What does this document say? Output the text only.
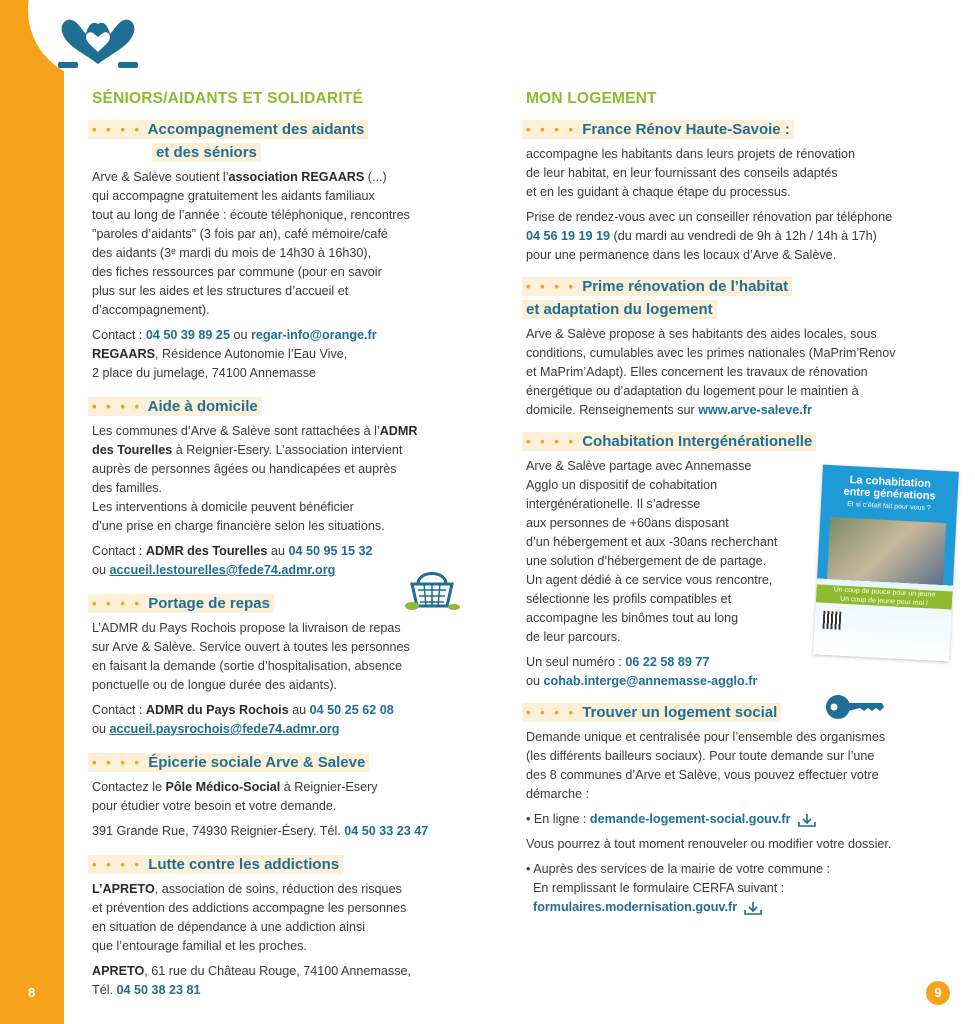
8	9
SÉNIORS/AIDANTS ET SOLIDARITÉ
• • • • Accompagnement des aidants
et des séniors
Arve & Salève soutient l’association REGAARS (...)
qui accompagne gratuitement les aidants familiaux
tout au long de l’année : écoute téléphonique, rencontres
"paroles d’aidants" (3 fois par an), café mémoire/café
des aidants (3ᵉ mardi du mois de 14h30 à 16h30),
des fiches ressources par commune (pour en savoir
plus sur les aides et les structures d’accueil et
d’accompagnement).
Contact : 04 50 39 89 25 ou regar-info@orange.fr
REGAARS, Résidence Autonomie l’Eau Vive,
2 place du jumelage, 74100 Annemasse
• • • • Aide à domicile
Les communes d’Arve & Salève sont rattachées à l’ADMR
des Tourelles à Reignier-Esery. L’association intervient
auprès de personnes âgées ou handicapées et auprès
des familles.
Les interventions à domicile peuvent bénéficier
d’une prise en charge financière selon les situations.
Contact : ADMR des Tourelles au 04 50 95 15 32
ou accueil.lestourelles@fede74.admr.org
• • • • Portage de repas
L’ADMR du Pays Rochois propose la livraison de repas
sur Arve & Salève. Service ouvert à toutes les personnes
en faisant la demande (sortie d’hospitalisation, absence
ponctuelle ou de longue durée des aidants).
Contact : ADMR du Pays Rochois au 04 50 25 62 08
ou accueil.paysrochois@fede74.admr.org
• • • • Épicerie sociale Arve & Saleve
Contactez le Pôle Médico-Social à Reignier-Esery
pour étudier votre besoin et votre demande.
391 Grande Rue, 74930 Reignier-Ésery. Tél. 04 50 33 23 47
• • • • Lutte contre les addictions
L’APRETO, association de soins, réduction des risques
et prévention des addictions accompagne les personnes
en situation de dépendance à une addiction ainsi
que l’entourage familial et les proches.
APRETO, 61 rue du Château Rouge, 74100 Annemasse,
Tél. 04 50 38 23 81
MON LOGEMENT
• • • • France Rénov Haute-Savoie :
accompagne les habitants dans leurs projets de rénovation
de leur habitat, en leur fournissant des conseils adaptés
et en les guidant à chaque étape du processus.
Prise de rendez-vous avec un conseiller rénovation par téléphone
04 56 19 19 19 (du mardi au vendredi de 9h à 12h / 14h à 17h)
pour une permanence dans les locaux d’Arve & Salève.
• • • • Prime rénovation de l’habitat
et adaptation du logement
Arve & Salève propose à ses habitants des aides locales, sous
conditions, cumulables avec les primes nationales (MaPrim’Renov
et MaPrim’Adapt). Elles concernent les travaux de rénovation
énergétique ou d’adaptation du logement pour le maintien à
domicile. Renseignements sur www.arve-saleve.fr
• • • • Cohabitation Intergénérationelle
Arve & Salève partage avec Annemasse
Agglo un dispositif de cohabitation
intergénérationelle. Il s’adresse
aux personnes de +60ans disposant
d’un hébergement et aux -30ans recherchant
une solution d’hébergement de de partage.
Un agent dédié à ce service vous rencontre,
sélectionne les profils compatibles et
accompagne les binômes tout au long
de leur parcours.
Un seul numéro : 06 22 58 89 77
ou cohab.interge@annemasse-agglo.fr
• • • • Trouver un logement social
Demande unique et centralisée pour l’ensemble des organismes
(les différents bailleurs sociaux). Pour toute demande sur l’une
des 8 communes d’Arve et Salève, vous pouvez effectuer votre
démarche :
• En ligne : demande-logement-social.gouv.fr
Vous pourrez à tout moment renouveler ou modifier votre dossier.
• Auprès des services de la mairie de votre commune :
En remplissant le formulaire CERFA suivant :
formulaires.modernisation.gouv.fr
La cohabitation
entre générations
Et si c’était fait pour vous ?
Un coup de pouce pour un jeune
Un coup de jeune pour moi !
